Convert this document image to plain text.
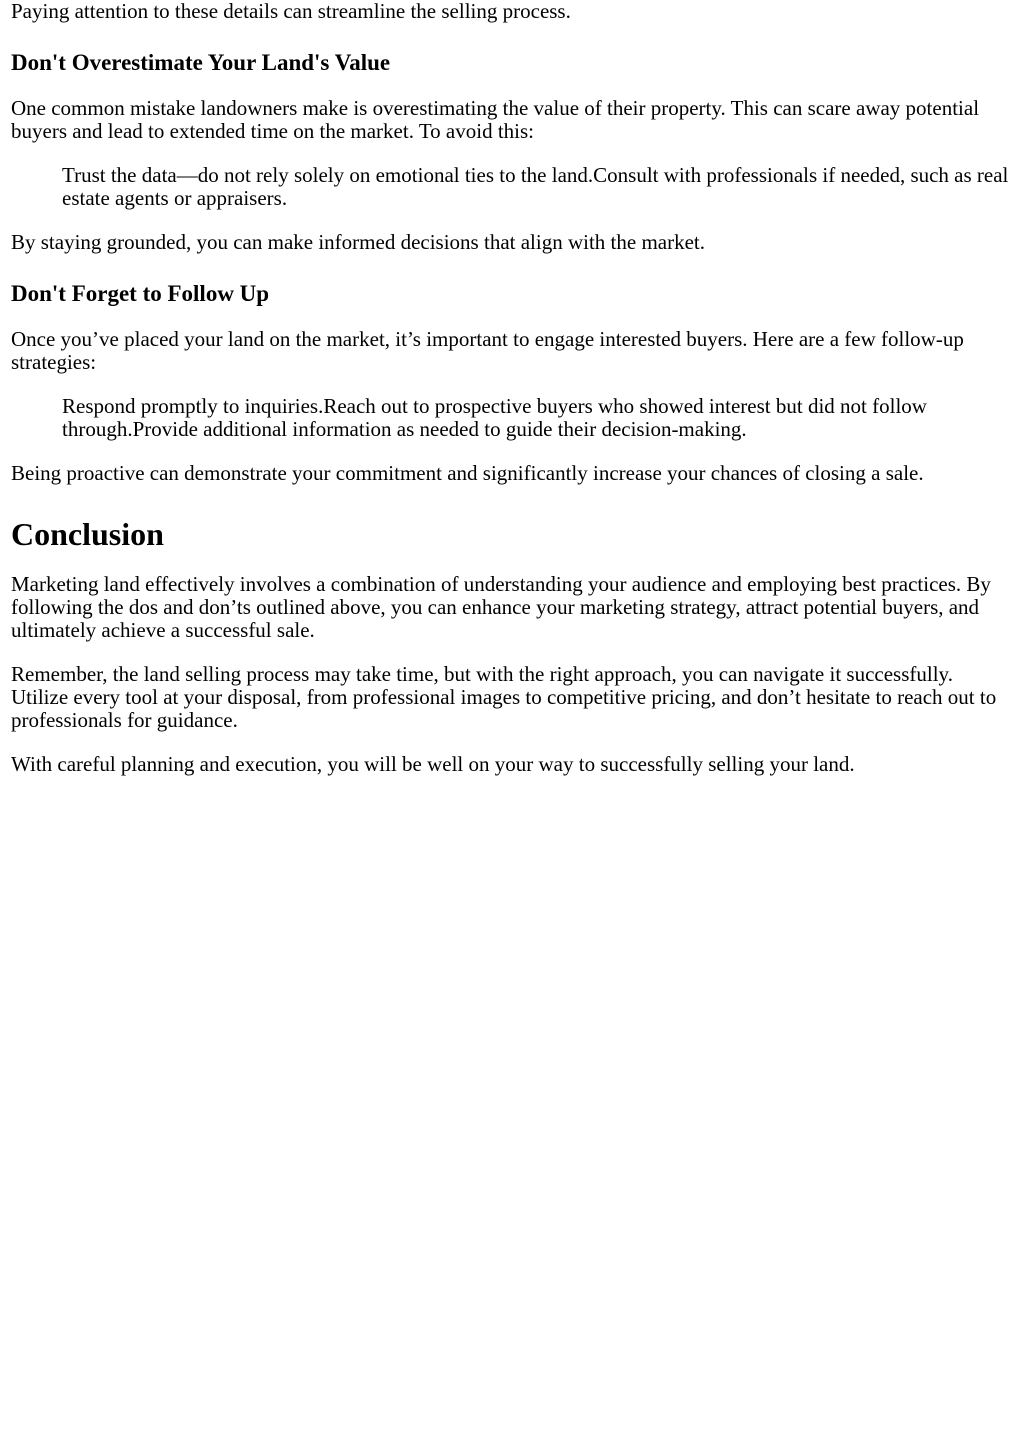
Paying attention to these details can streamline the selling process.

Don't Overestimate Your Land's Value

One common mistake landowners make is overestimating the value of their property. This can scare away potential buyers and lead to extended time on the market. To avoid this:

Trust the data—do not rely solely on emotional ties to the land.Consult with professionals if needed, such as real estate agents or appraisers.

By staying grounded, you can make informed decisions that align with the market.

Don't Forget to Follow Up

Once you’ve placed your land on the market, it’s important to engage interested buyers. Here are a few follow-up strategies:

Respond promptly to inquiries.Reach out to prospective buyers who showed interest but did not follow through.Provide additional information as needed to guide their decision-making.

Being proactive can demonstrate your commitment and significantly increase your chances of closing a sale.

Conclusion

Marketing land effectively involves a combination of understanding your audience and employing best practices. By following the dos and don’ts outlined above, you can enhance your marketing strategy, attract potential buyers, and ultimately achieve a successful sale.

Remember, the land selling process may take time, but with the right approach, you can navigate it successfully. Utilize every tool at your disposal, from professional images to competitive pricing, and don’t hesitate to reach out to professionals for guidance.

With careful planning and execution, you will be well on your way to successfully selling your land.
